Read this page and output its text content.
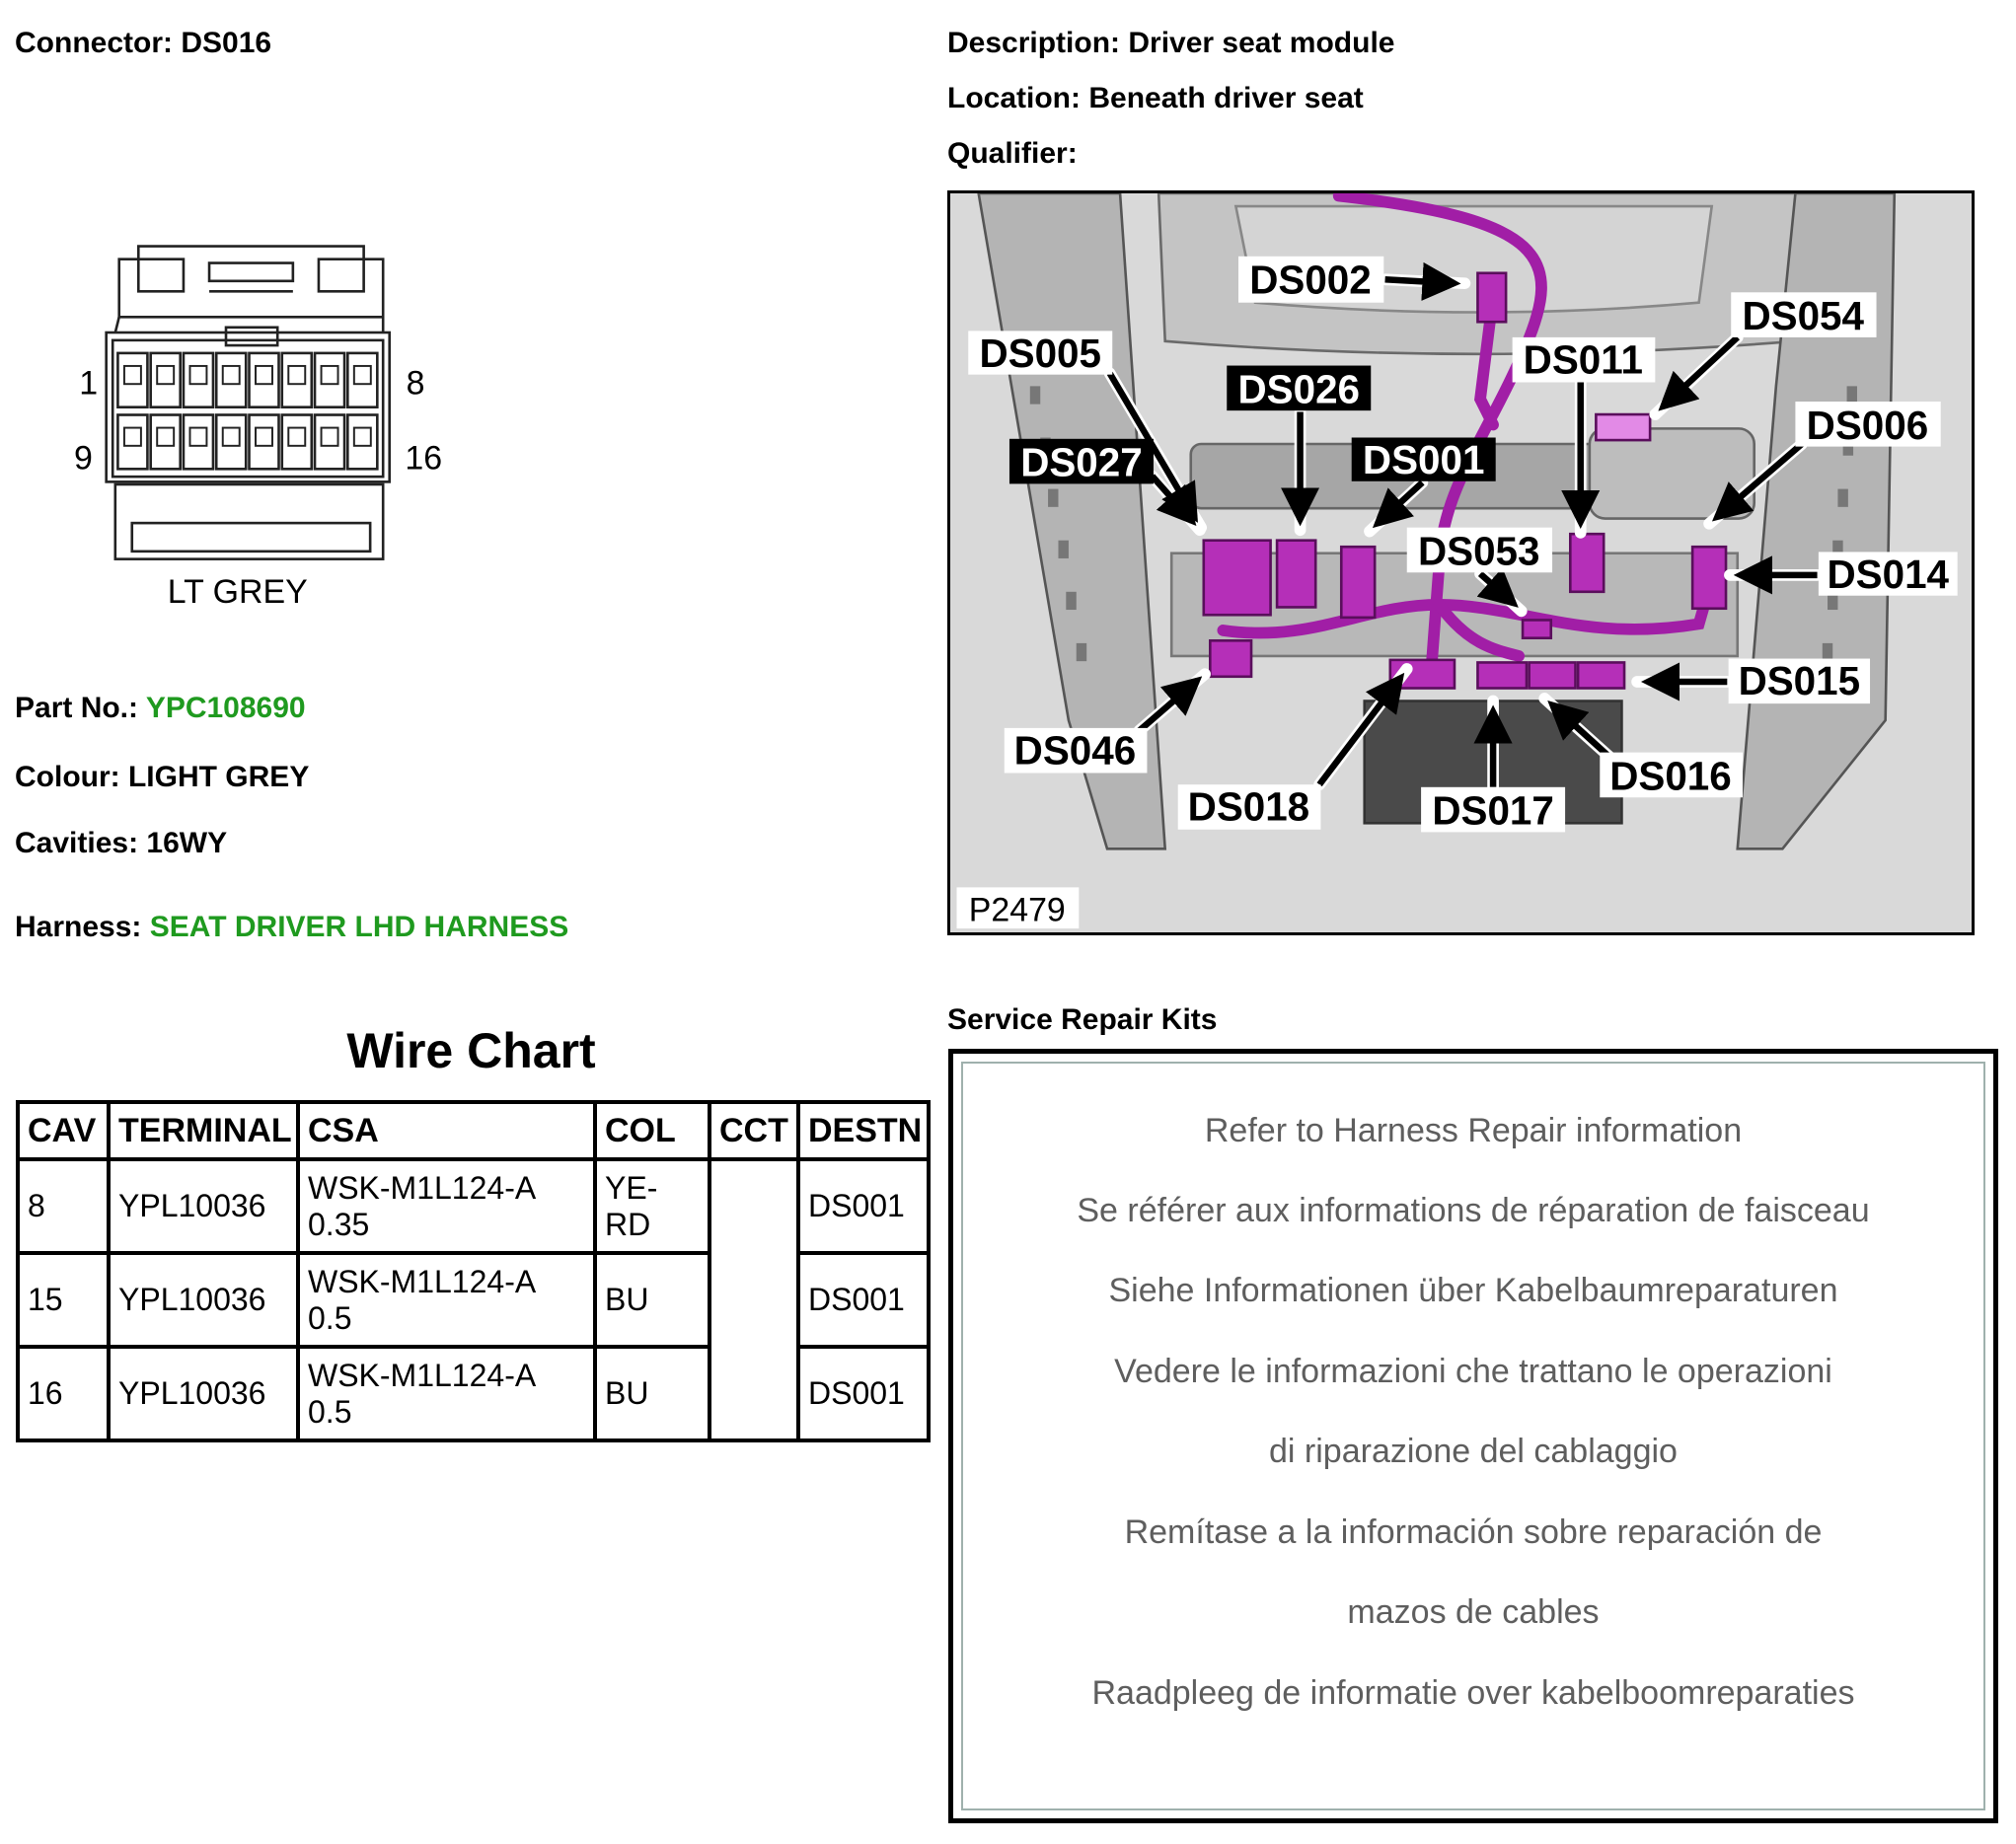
Connector: DS016
1	8
9	16
LT GREY
Part No.: YPC108690
Colour: LIGHT GREY
Cavities: 16WY
Harness: SEAT DRIVER LHD HARNESS
Wire Chart
CAV	TERMINAL	CSA	COL	CCT	DESTN
8	YPL10036	WSK-M1L124-A 0.35	YE-RD		DS001
15	YPL10036	WSK-M1L124-A 0.5	BU		DS001
16	YPL10036	WSK-M1L124-A 0.5	BU		DS001
Description: Driver seat module
Location: Beneath driver seat
Qualifier:
DS002
DS005
DS026
DS027	DS001
DS011
DS054
DS006
DS053
DS014
DS015
DS046
DS018	DS017
DS016
P2479
Service Repair Kits
Refer to Harness Repair information
Se référer aux informations de réparation de faisceau
Siehe Informationen über Kabelbaumreparaturen
Vedere le informazioni che trattano le operazioni
di riparazione del cablaggio
Remítase a la información sobre reparación de
mazos de cables
Raadpleeg de informatie over kabelboomreparaties
